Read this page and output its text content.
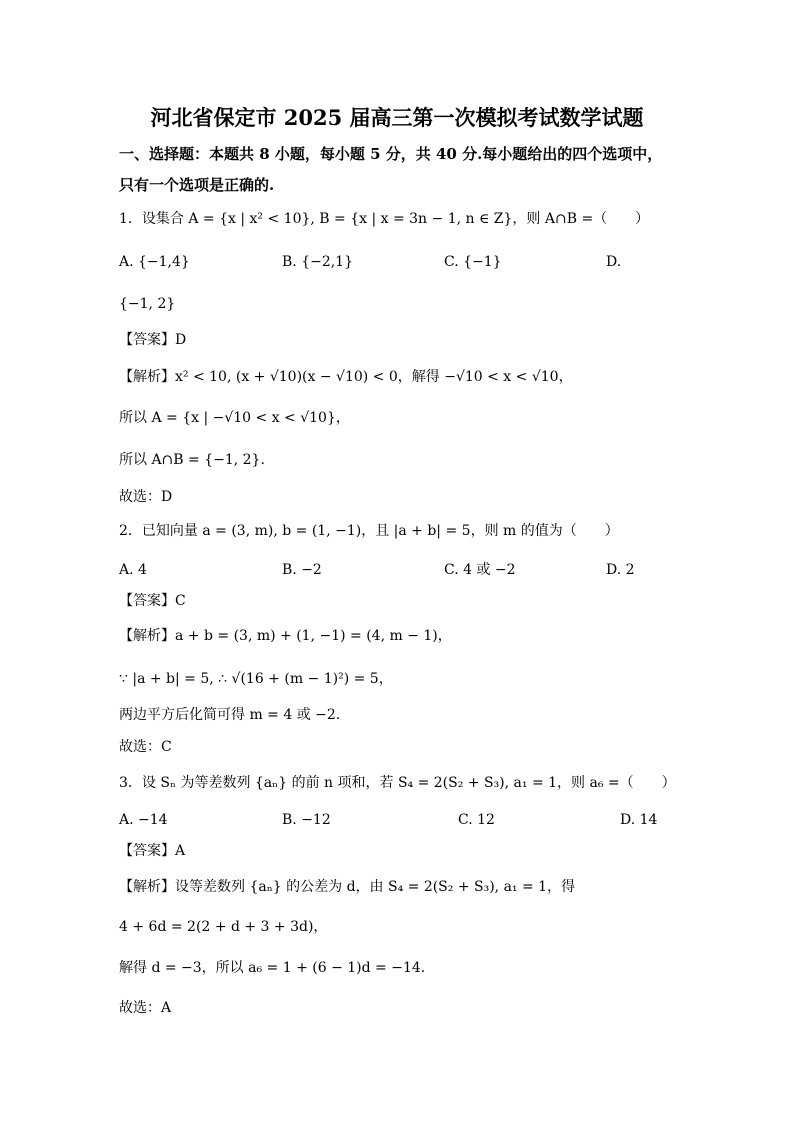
河北省保定市 2025 届高三第一次模拟考试数学试题
一、选择题：本题共 8 小题，每小题 5 分，共 40 分.每小题给出的四个选项中，
只有一个选项是正确的.
1．设集合 A = {x | x² < 10}, B = {x | x = 3n − 1, n ∈ Z}，则 A∩B =（　　）
A. {−1,4}	B. {−2,1}	C. {−1}	D.
{−1, 2}
【答案】D
【解析】x² < 10, (x + √10)(x − √10) < 0，解得 −√10 < x < √10，
所以 A = {x | −√10 < x < √10}，
所以 A∩B = {−1, 2}.
故选：D
2．已知向量 a = (3, m), b = (1, −1)，且 |a + b| = 5，则 m 的值为（　　）
A. 4	B. −2	C. 4 或 −2	D. 2
【答案】C
【解析】a + b = (3, m) + (1, −1) = (4, m − 1)，
∵ |a + b| = 5, ∴ √(16 + (m − 1)²) = 5，
两边平方后化简可得 m = 4 或 −2.
故选：C
3．设 Sₙ 为等差数列 {aₙ} 的前 n 项和，若 S₄ = 2(S₂ + S₃), a₁ = 1，则 a₆ =（　　）
A. −14	B. −12	C. 12	D. 14
【答案】A
【解析】设等差数列 {aₙ} 的公差为 d，由 S₄ = 2(S₂ + S₃), a₁ = 1，得
4 + 6d = 2(2 + d + 3 + 3d)，
解得 d = −3，所以 a₆ = 1 + (6 − 1)d = −14.
故选：A
